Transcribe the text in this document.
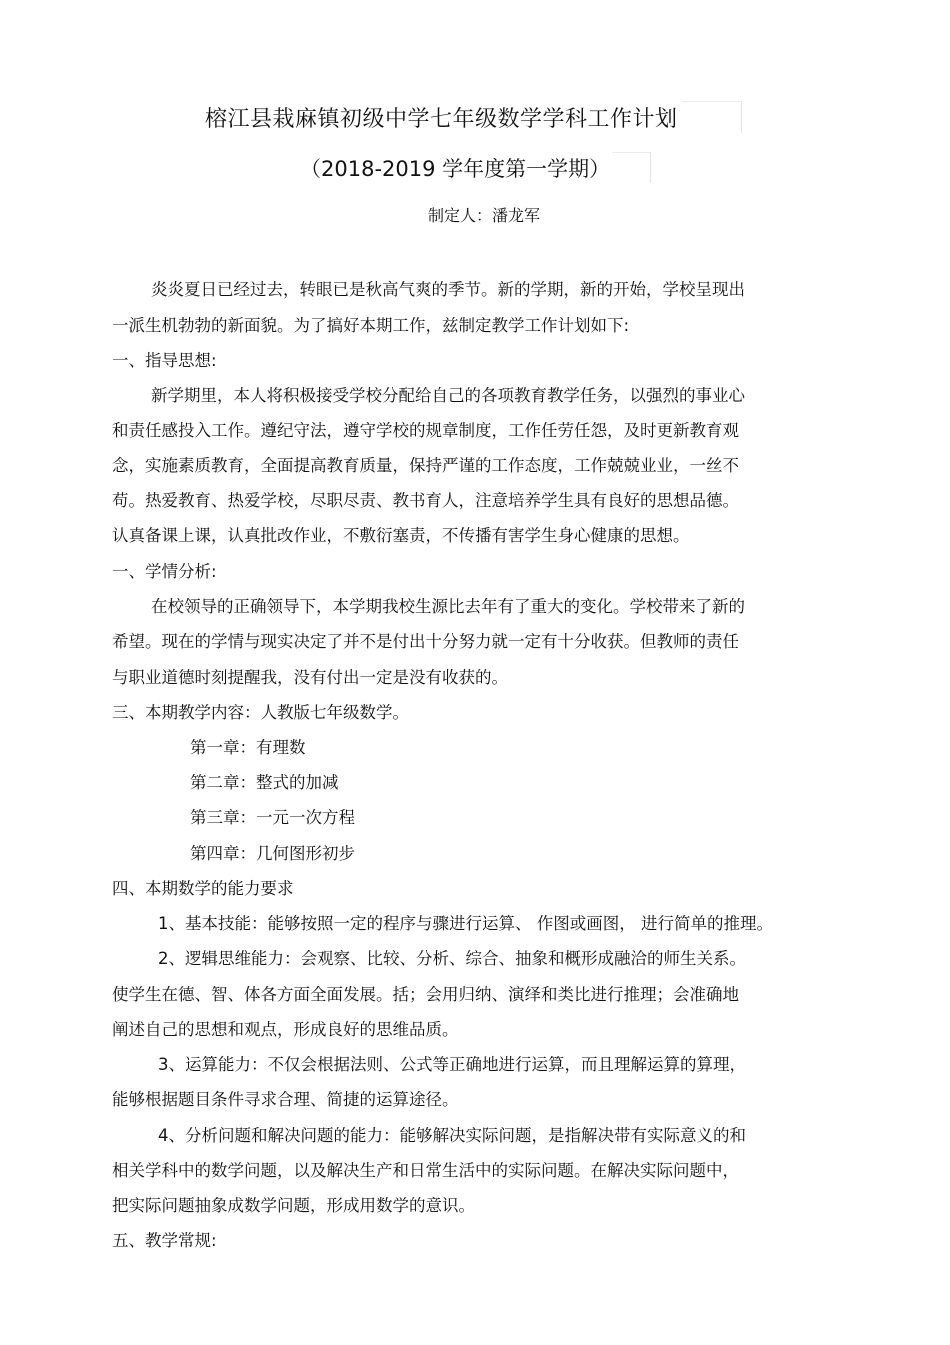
榕江县栽麻镇初级中学七年级数学学科工作计划
（2018-2019 学年度第一学期）
制定人：潘龙军
炎炎夏日已经过去，转眼已是秋高气爽的季节。新的学期，新的开始，学校呈现出
一派生机勃勃的新面貌。为了搞好本期工作，兹制定教学工作计划如下:
一、指导思想:
新学期里，本人将积极接受学校分配给自己的各项教育教学任务，以强烈的事业心
和责任感投入工作。遵纪守法，遵守学校的规章制度，工作任劳任怨，及时更新教育观
念，实施素质教育，全面提高教育质量，保持严谨的工作态度，工作兢兢业业，一丝不
苟。热爱教育、热爱学校，尽职尽责、教书育人，注意培养学生具有良好的思想品德。
认真备课上课，认真批改作业，不敷衍塞责，不传播有害学生身心健康的思想。
一、学情分析:
在校领导的正确领导下，本学期我校生源比去年有了重大的变化。学校带来了新的
希望。现在的学情与现实决定了并不是付出十分努力就一定有十分收获。但教师的责任
与职业道德时刻提醒我，没有付出一定是没有收获的。
三、本期教学内容：人教版七年级数学。
第一章：有理数
第二章：整式的加减
第三章：一元一次方程
第四章：几何图形初步
四、本期数学的能力要求
1、基本技能：能够按照一定的程序与骤进行运算、 作图或画图， 进行简单的推理。
2、逻辑思维能力：会观察、比较、分析、综合、抽象和概形成融洽的师生关系。
使学生在德、智、体各方面全面发展。括；会用归纳、演绎和类比进行推理；会准确地
阐述自己的思想和观点，形成良好的思维品质。
3、运算能力：不仅会根据法则、公式等正确地进行运算，而且理解运算的算理，
能够根据题目条件寻求合理、简捷的运算途径。
4、分析问题和解决问题的能力：能够解决实际问题，是指解决带有实际意义的和
相关学科中的数学问题，以及解决生产和日常生活中的实际问题。在解决实际问题中，
把实际问题抽象成数学问题，形成用数学的意识。
五、教学常规:
